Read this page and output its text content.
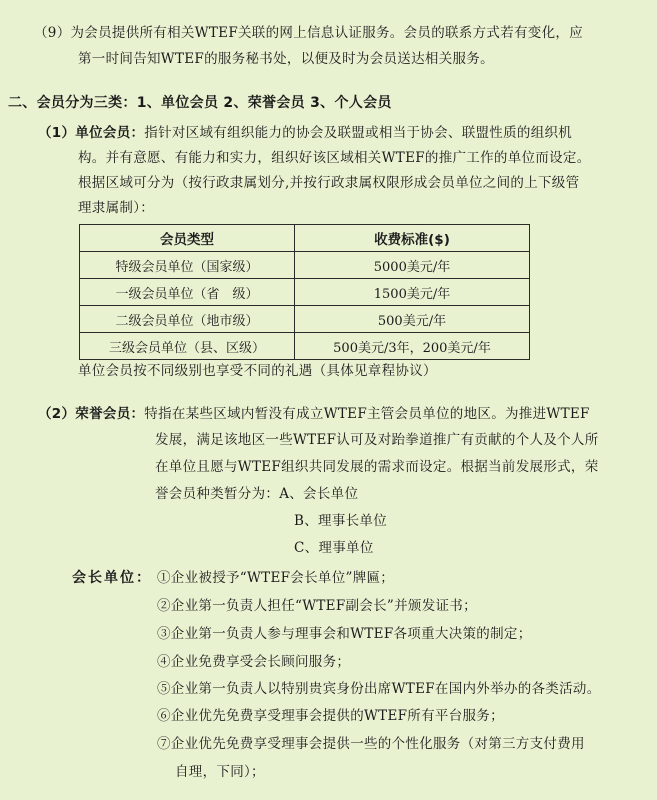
（9）为会员提供所有相关WTEF关联的网上信息认证服务。会员的联系方式若有变化，应
第一时间告知WTEF的服务秘书处，以便及时为会员送达相关服务。
二、会员分为三类：1、单位会员 2、荣誉会员 3、个人会员
（1）单位会员：指针对区域有组织能力的协会及联盟或相当于协会、联盟性质的组织机
构。并有意愿、有能力和实力，组织好该区域相关WTEF的推广工作的单位而设定。
根据区域可分为（按行政隶属划分,并按行政隶属权限形成会员单位之间的上下级管
理隶属制）：
会员类型	收费标准($)
特级会员单位（国家级）	5000美元/年
一级会员单位（省　级）	1500美元/年
二级会员单位（地市级）	500美元/年
三级会员单位（县、区级）	500美元/3年，200美元/年
单位会员按不同级别也享受不同的礼遇（具体见章程协议）
（2）荣誉会员：特指在某些区域内暂没有成立WTEF主管会员单位的地区。为推进WTEF
发展，满足该地区一些WTEF认可及对跆拳道推广有贡献的个人及个人所
在单位且愿与WTEF组织共同发展的需求而设定。根据当前发展形式，荣
誉会员种类暂分为：A、会长单位
B、理事长单位
C、理事单位
会长单位： ①企业被授予“WTEF会长单位”牌匾；
②企业第一负责人担任“WTEF副会长”并颁发证书；
③企业第一负责人参与理事会和WTEF各项重大决策的制定；
④企业免费享受会长顾问服务；
⑤企业第一负责人以特别贵宾身份出席WTEF在国内外举办的各类活动。
⑥企业优先免费享受理事会提供的WTEF所有平台服务；
⑦企业优先免费享受理事会提供一些的个性化服务（对第三方支付费用
自理，下同）；
